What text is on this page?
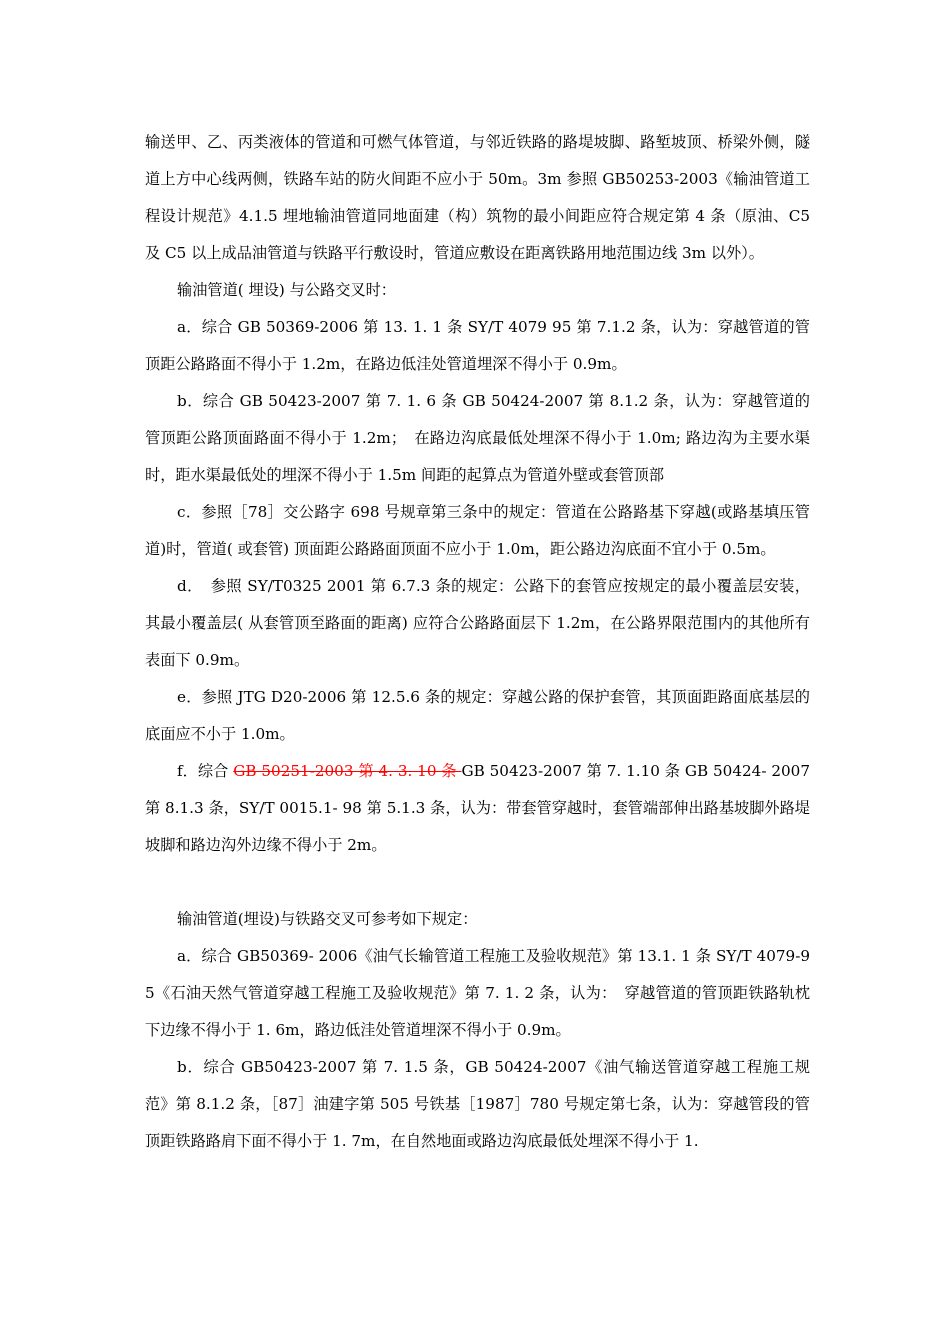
输送甲、乙、丙类液体的管道和可燃气体管道，与邻近铁路的路堤坡脚、路堑坡顶、桥梁外侧，隧道上方中心线两侧，铁路车站的防火间距不应小于 50m。3m 参照 GB50253-2003《输油管道工程设计规范》4.1.5 埋地输油管道同地面建（构）筑物的最小间距应符合规定第 4 条（原油、C5 及 C5 以上成品油管道与铁路平行敷设时，管道应敷设在距离铁路用地范围边线 3m 以外）。

输油管道( 埋设) 与公路交叉时：

a．综合 GB 50369-2006 第 13. 1. 1 条 SY/T 4079 95 第 7.1.2 条，认为：穿越管道的管顶距公路路面不得小于 1.2m，在路边低洼处管道埋深不得小于 0.9m。

b．综合 GB 50423-2007 第 7. 1. 6 条 GB 50424-2007 第 8.1.2 条，认为：穿越管道的管顶距公路顶面路面不得小于 1.2m；　在路边沟底最低处埋深不得小于 1.0m; 路边沟为主要水渠时，距水渠最低处的埋深不得小于 1.5m 间距的起算点为管道外壁或套管顶部

c．参照［78］交公路字 698 号规章第三条中的规定：管道在公路路基下穿越(或路基填压管道)时，管道( 或套管) 顶面距公路路面顶面不应小于 1.0m，距公路边沟底面不宜小于 0.5m。

d．　参照 SY/T0325 2001 第 6.7.3 条的规定：公路下的套管应按规定的最小覆盖层安装，其最小覆盖层( 从套管顶至路面的距离) 应符合公路路面层下 1.2m，在公路界限范围内的其他所有表面下 0.9m。

e．参照 JTG D20-2006 第 12.5.6 条的规定：穿越公路的保护套管，其顶面距路面底基层的底面应不小于 1.0m。

f．综合 GB 50251-2003 第 4. 3. 10 条 GB 50423-2007 第 7. 1.10 条 GB 50424- 2007 第 8.1.3 条，SY/T 0015.1- 98 第 5.1.3 条，认为：带套管穿越时，套管端部伸出路基坡脚外路堤坡脚和路边沟外边缘不得小于 2m。

输油管道(埋设)与铁路交叉可参考如下规定：

a．综合 GB50369- 2006《油气长输管道工程施工及验收规范》第 13.1. 1 条 SY/T 4079-95《石油天然气管道穿越工程施工及验收规范》第 7. 1. 2 条，认为：　穿越管道的管顶距铁路轨枕下边缘不得小于 1. 6m，路边低洼处管道埋深不得小于 0.9m。

b．综合 GB50423-2007 第 7. 1.5 条，GB 50424-2007《油气输送管道穿越工程施工规范》第 8.1.2 条，［87］油建字第 505 号铁基［1987］780 号规定第七条，认为：穿越管段的管顶距铁路路肩下面不得小于 1. 7m，在自然地面或路边沟底最低处埋深不得小于 1.
